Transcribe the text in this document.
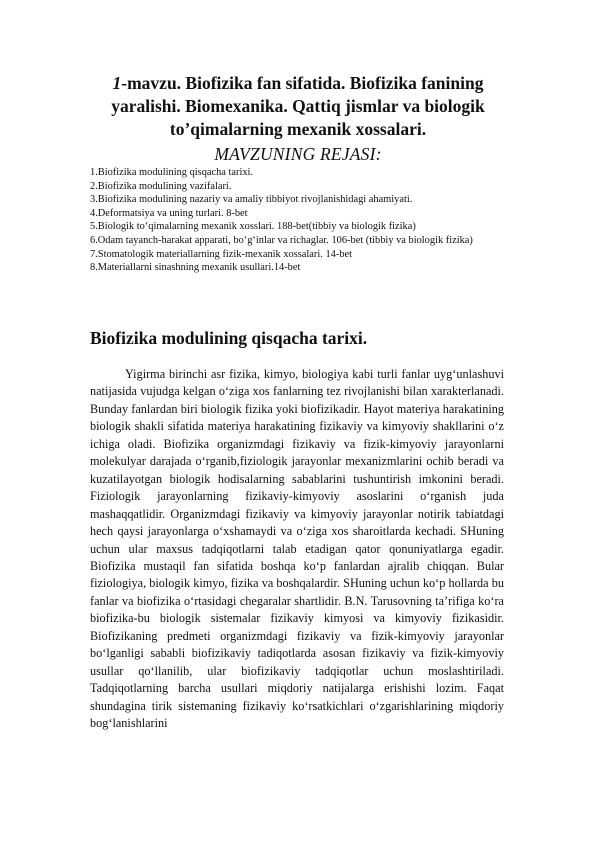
1-mavzu. Biofizika fan sifatida. Biofizika fanining yaralishi. Biomexanika. Qattiq jismlar va biologik to’qimalarning mexanik xossalari.
MAVZUNING REJASI:
1.Biofizika modulining qisqacha tarixi.
2.Biofizika modulining vazifalari.
3.Biofizika modulining nazariy va amaliy tibbiyot rivojlanishidagi ahamiyati.
4.Deformatsiya va uning turlari. 8-bet
5.Biologik to‘qimalarning mexanik xosslari. 188-bet(tibbiy va biologik fizika)
6.Odam tayanch-harakat apparati, bo‘g‘inlar va richaglar. 106-bet (tibbiy va biologik fizika)
7.Stomatologik materiallarning fizik-mexanik xossalari. 14-bet
8.Materiallarni sinashning mexanik usullari.14-bet
Biofizika modulining qisqacha tarixi.

Yigirma birinchi asr fizika, kimyo, biologiya kabi turli fanlar uyg‘unlashuvi natijasida vujudga kelgan o‘ziga xos fanlarning tez rivojlanishi bilan xarakterlanadi. Bunday fanlardan biri biologik fizika yoki biofizikadir. Hayot materiya harakatining biologik shakli sifatida materiya harakatining fizikaviy va kimyoviy shakllarini o‘z ichiga oladi. Biofizika organizmdagi fizikaviy va fizik-kimyoviy jarayonlarni molekulyar darajada o‘rganib,fiziologik jarayonlar mexanizmlarini ochib beradi va kuzatilayotgan biologik hodisalarning sabablarini tushuntirish imkonini beradi. Fiziologik jarayonlarning fizikaviy-kimyoviy asoslarini o‘rganish juda mashaqqatlidir. Organizmdagi fizikaviy va kimyoviy jarayonlar notirik tabiatdagi hech qaysi jarayonlarga o‘xshamaydi va o‘ziga xos sharoitlarda kechadi. SHuning uchun ular maxsus tadqiqotlarni talab etadigan qator qonuniyatlarga egadir. Biofizika mustaqil fan sifatida boshqa ko‘p fanlardan ajralib chiqqan. Bular fiziologiya, biologik kimyo, fizika va boshqalardir. SHuning uchun ko‘p hollarda bu fanlar va biofizika o‘rtasidagi chegaralar shartlidir. B.N. Tarusovning ta’rifiga ko‘ra biofizika-bu biologik sistemalar fizikaviy kimyosi va kimyoviy fizikasidir. Biofizikaning predmeti organizmdagi fizikaviy va fizik-kimyoviy jarayonlar bo‘lganligi sababli biofizikaviy tadiqotlarda asosan fizikaviy va fizik-kimyoviy usullar qo‘llanilib, ular biofizikaviy tadqiqotlar uchun moslashtiriladi. Tadqiqotlarning barcha usullari miqdoriy natijalarga erishishi lozim. Faqat shundagina tirik sistemaning fizikaviy ko‘rsatkichlari o‘zgarishlarining miqdoriy bog‘lanishlarini
